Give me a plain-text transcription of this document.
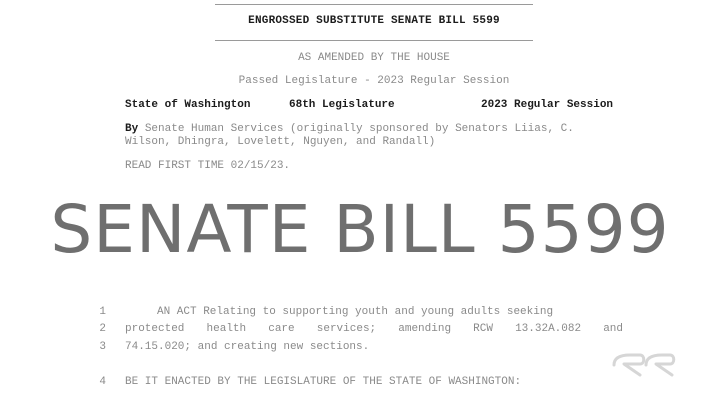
ENGROSSED SUBSTITUTE SENATE BILL 5599
AS AMENDED BY THE HOUSE
Passed Legislature - 2023 Regular Session
State of Washington	68th Legislature	2023 Regular Session
By Senate Human Services (originally sponsored by Senators Liias, C. Wilson, Dhingra, Lovelett, Nguyen, and Randall)
READ FIRST TIME 02/15/23.
SENATE BILL 5599
1	AN ACT Relating to supporting youth and young adults seeking
2 protected health care services; amending RCW 13.32A.082 and
3 74.15.020; and creating new sections.
4 BE IT ENACTED BY THE LEGISLATURE OF THE STATE OF WASHINGTON:
